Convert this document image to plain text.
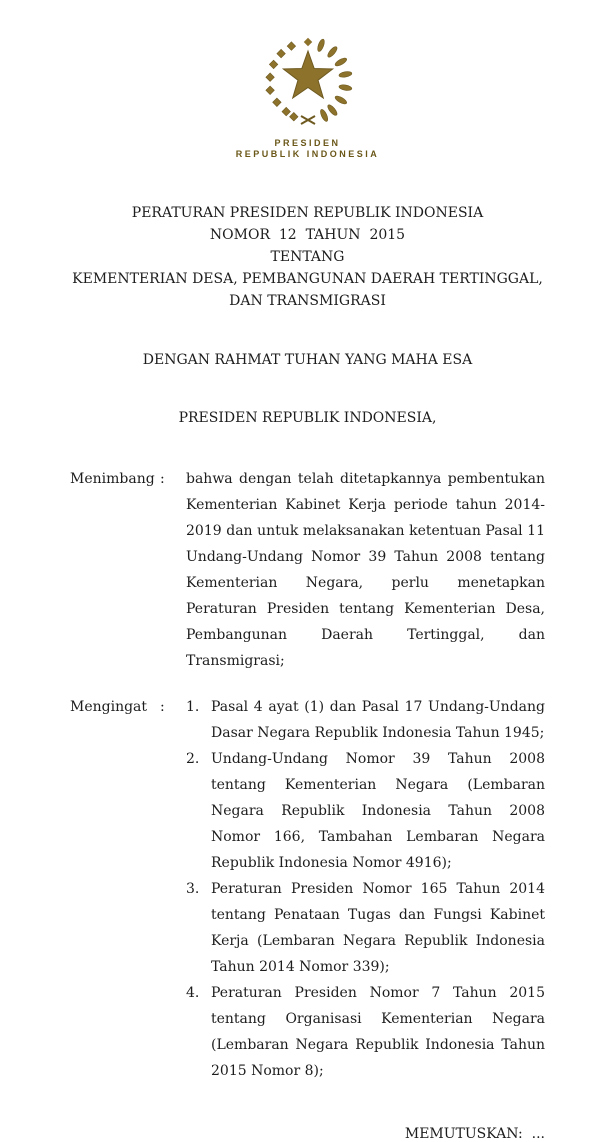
PRESIDEN
REPUBLIK INDONESIA
PERATURAN PRESIDEN REPUBLIK INDONESIA
NOMOR  12  TAHUN  2015
TENTANG
KEMENTERIAN DESA, PEMBANGUNAN DAERAH TERTINGGAL,
DAN TRANSMIGRASI
DENGAN RAHMAT TUHAN YANG MAHA ESA
PRESIDEN REPUBLIK INDONESIA,
Menimbang :	bahwa dengan telah ditetapkannya pembentukan Kementerian Kabinet Kerja periode tahun 2014-2019 dan untuk melaksanakan ketentuan Pasal 11 Undang-Undang Nomor 39 Tahun 2008 tentang Kementerian Negara, perlu menetapkan Peraturan Presiden tentang Kementerian Desa, Pembangunan Daerah Tertinggal, dan Transmigrasi;
Mengingat :	1. Pasal 4 ayat (1) dan Pasal 17 Undang-Undang Dasar Negara Republik Indonesia Tahun 1945;
2. Undang-Undang Nomor 39 Tahun 2008 tentang Kementerian Negara (Lembaran Negara Republik Indonesia Tahun 2008 Nomor 166, Tambahan Lembaran Negara Republik Indonesia Nomor 4916);
3. Peraturan Presiden Nomor 165 Tahun 2014 tentang Penataan Tugas dan Fungsi Kabinet Kerja (Lembaran Negara Republik Indonesia Tahun 2014 Nomor 339);
4. Peraturan Presiden Nomor 7 Tahun 2015 tentang Organisasi Kementerian Negara (Lembaran Negara Republik Indonesia Tahun 2015 Nomor 8);
MEMUTUSKAN:  ...
